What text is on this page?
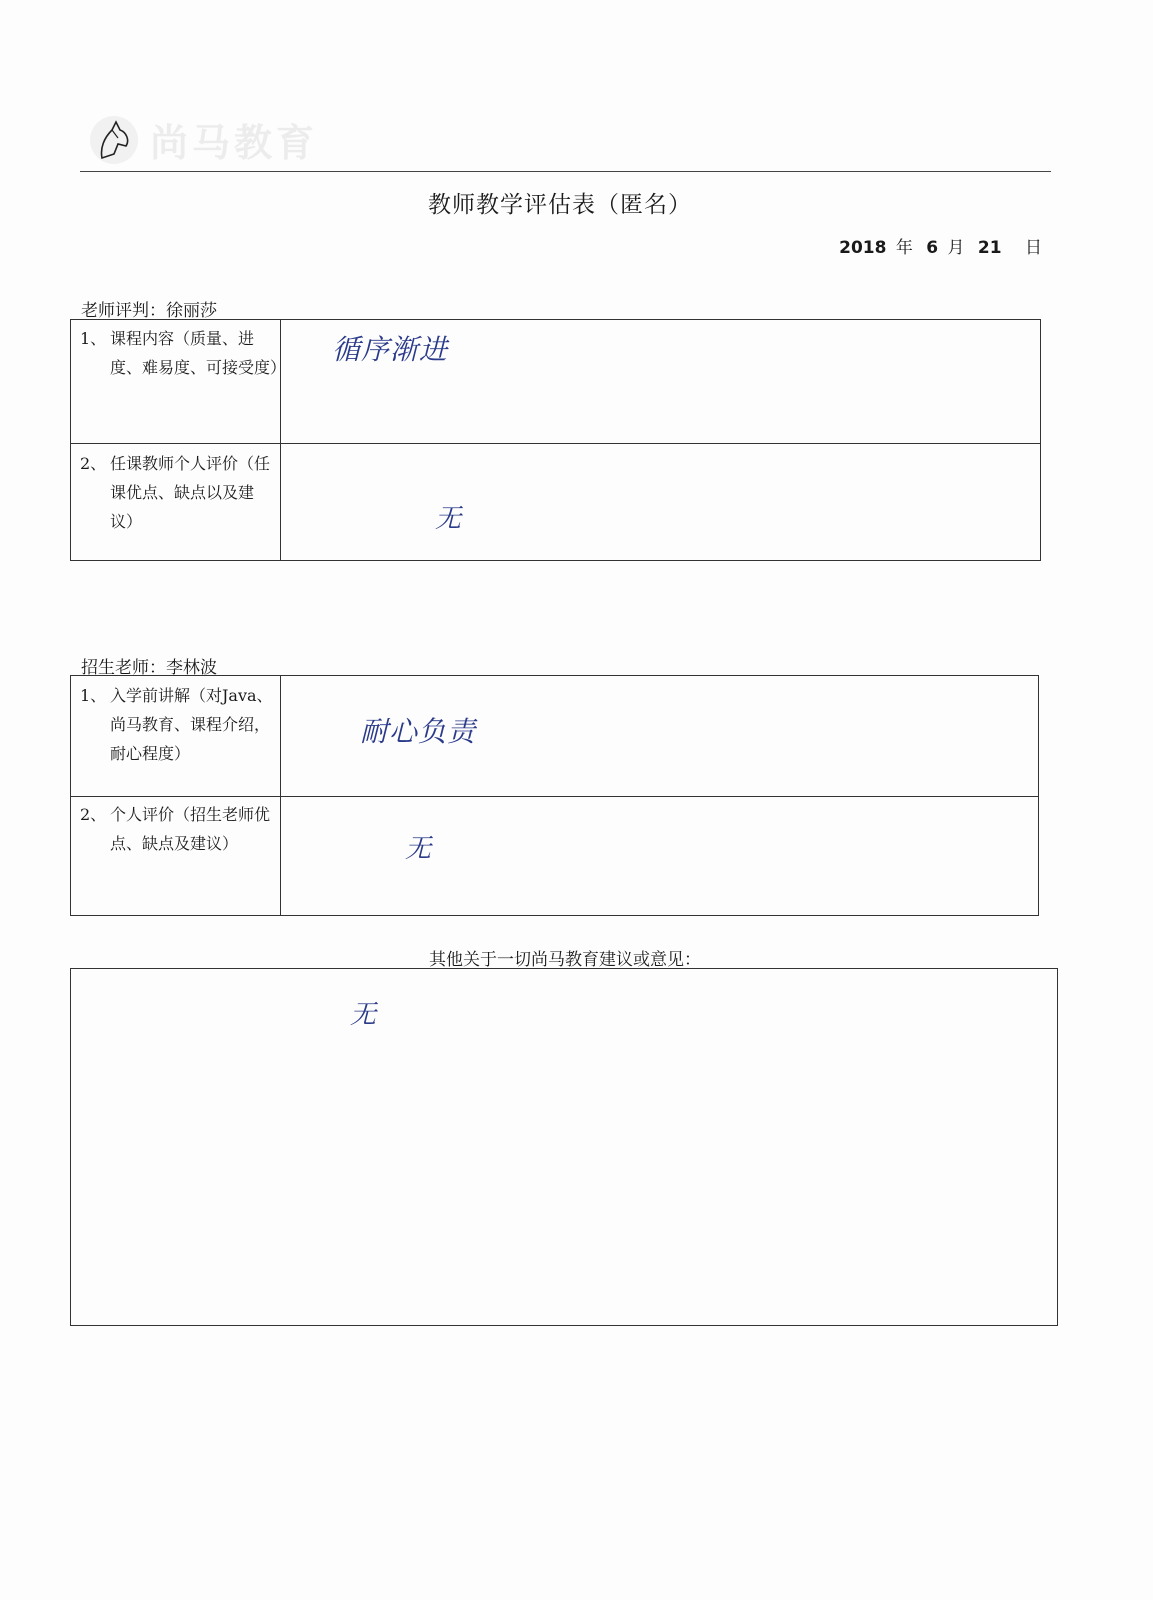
尚马教育
教师教学评估表（匿名）
2018 年 6 月 21 日
老师评判：徐丽莎
1、 课程内容（质量、进度、难易度、可接受度）
循序渐进
2、 任课教师个人评价（任课优点、缺点以及建议）	无
招生老师：李林波
1、 入学前讲解（对Java、尚马教育、课程介绍，耐心程度）
耐心负责
2、 个人评价（招生老师优点、缺点及建议）	无
其他关于一切尚马教育建议或意见：
无
